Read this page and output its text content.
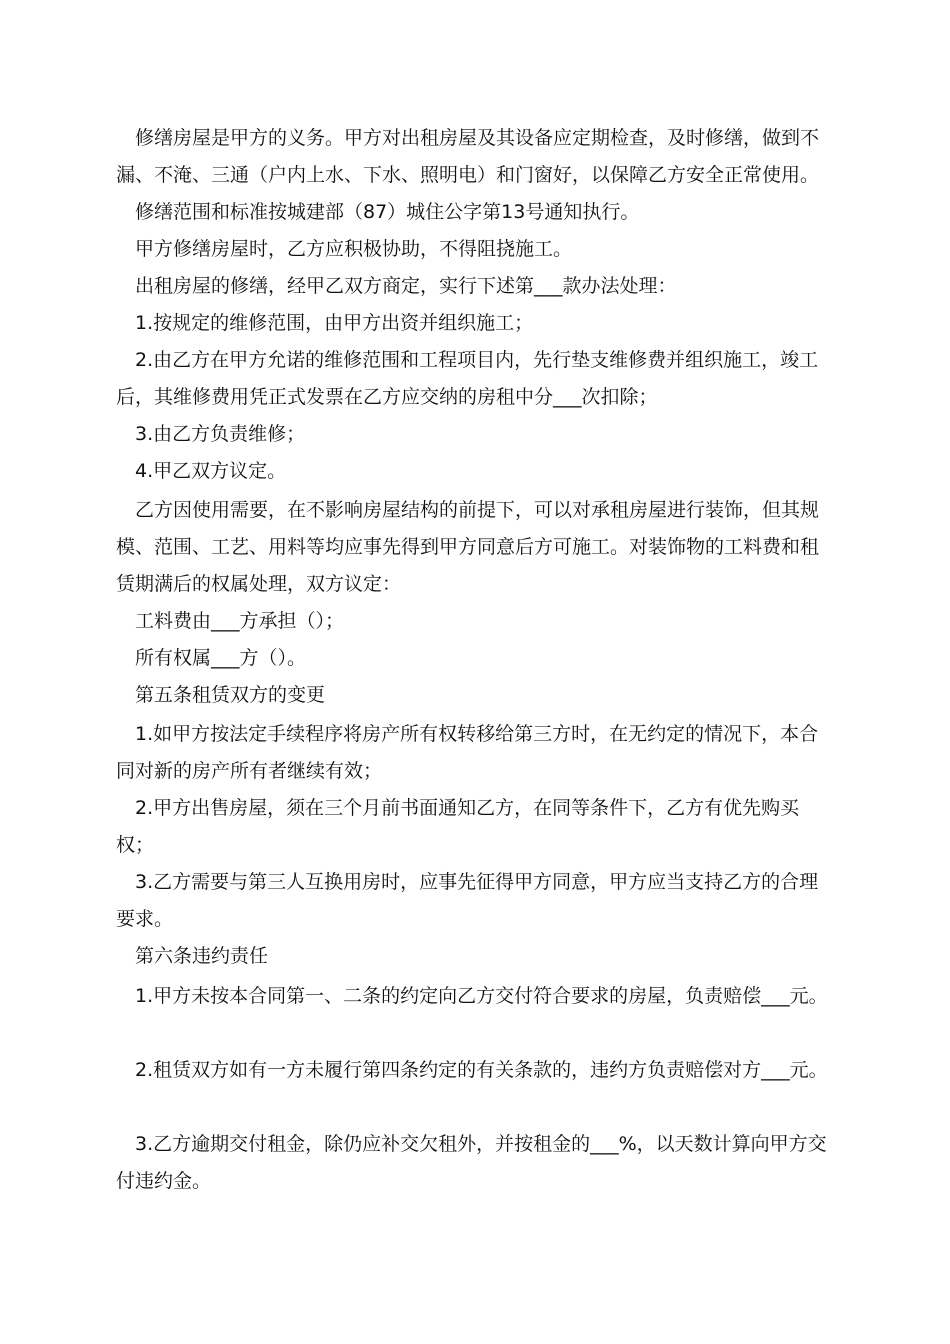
修缮房屋是甲方的义务。甲方对出租房屋及其设备应定期检查，及时修缮，做到不漏、不淹、三通（户内上水、下水、照明电）和门窗好，以保障乙方安全正常使用。

修缮范围和标准按城建部（87）城住公字第13号通知执行。

甲方修缮房屋时，乙方应积极协助，不得阻挠施工。

出租房屋的修缮，经甲乙双方商定，实行下述第___款办法处理：

1.按规定的维修范围，由甲方出资并组织施工；

2.由乙方在甲方允诺的维修范围和工程项目内，先行垫支维修费并组织施工，竣工后，其维修费用凭正式发票在乙方应交纳的房租中分___次扣除；

3.由乙方负责维修；

4.甲乙双方议定。

乙方因使用需要，在不影响房屋结构的前提下，可以对承租房屋进行装饰，但其规模、范围、工艺、用料等均应事先得到甲方同意后方可施工。对装饰物的工料费和租赁期满后的权属处理，双方议定：

工料费由___方承担（）；

所有权属___方（）。

第五条租赁双方的变更

1.如甲方按法定手续程序将房产所有权转移给第三方时，在无约定的情况下，本合同对新的房产所有者继续有效；

2.甲方出售房屋，须在三个月前书面通知乙方，在同等条件下，乙方有优先购买权；

3.乙方需要与第三人互换用房时，应事先征得甲方同意，甲方应当支持乙方的合理要求。

第六条违约责任

1.甲方未按本合同第一、二条的约定向乙方交付符合要求的房屋，负责赔偿___元。

2.租赁双方如有一方未履行第四条约定的有关条款的，违约方负责赔偿对方___元。

3.乙方逾期交付租金，除仍应补交欠租外，并按租金的___%，以天数计算向甲方交付违约金。
